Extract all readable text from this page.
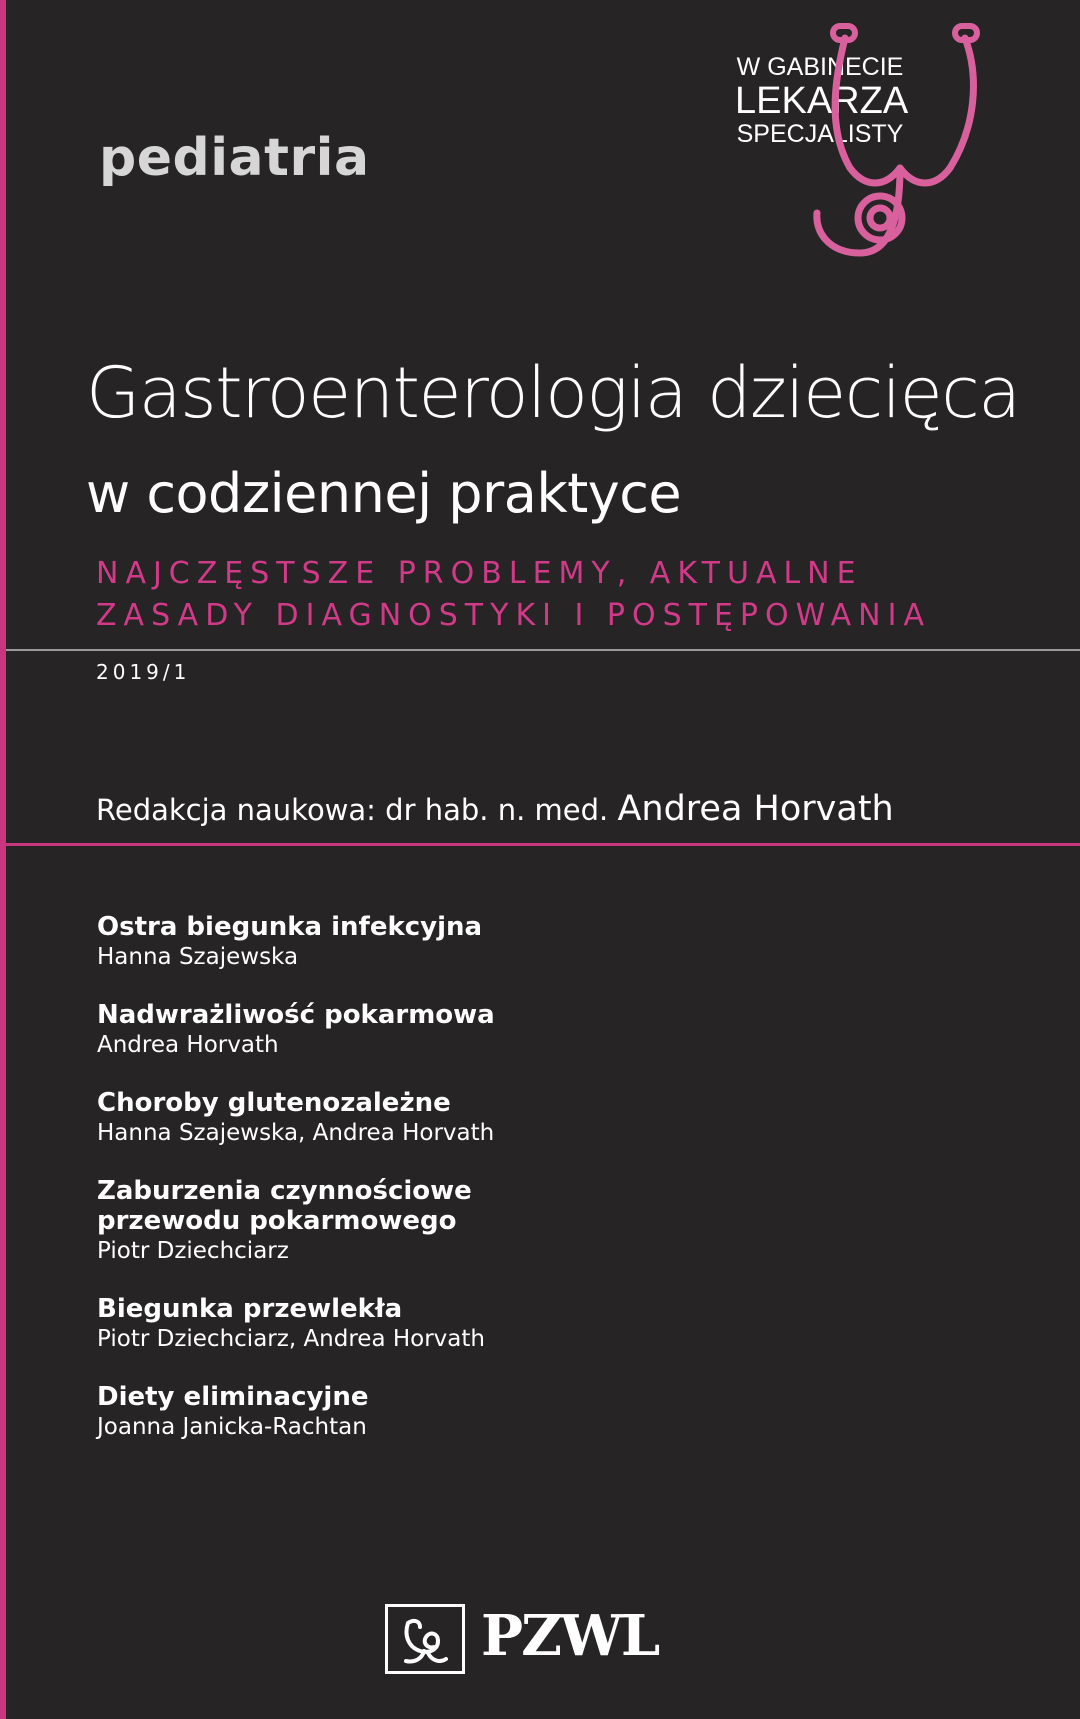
pediatria
W GABINECIE
LEKARZA
SPECJALISTY
Gastroenterologia dziecięca
w codziennej praktyce
NAJCZĘSTSZE PROBLEMY, AKTUALNE
ZASADY DIAGNOSTYKI I POSTĘPOWANIA
2019/1
Redakcja naukowa: dr hab. n. med. Andrea Horvath
Ostra biegunka infekcyjna
Hanna Szajewska
Nadwrażliwość pokarmowa
Andrea Horvath
Choroby glutenozależne
Hanna Szajewska, Andrea Horvath
Zaburzenia czynnościowe
przewodu pokarmowego
Piotr Dziechciarz
Biegunka przewlekła
Piotr Dziechciarz, Andrea Horvath
Diety eliminacyjne
Joanna Janicka-Rachtan
PZWL
